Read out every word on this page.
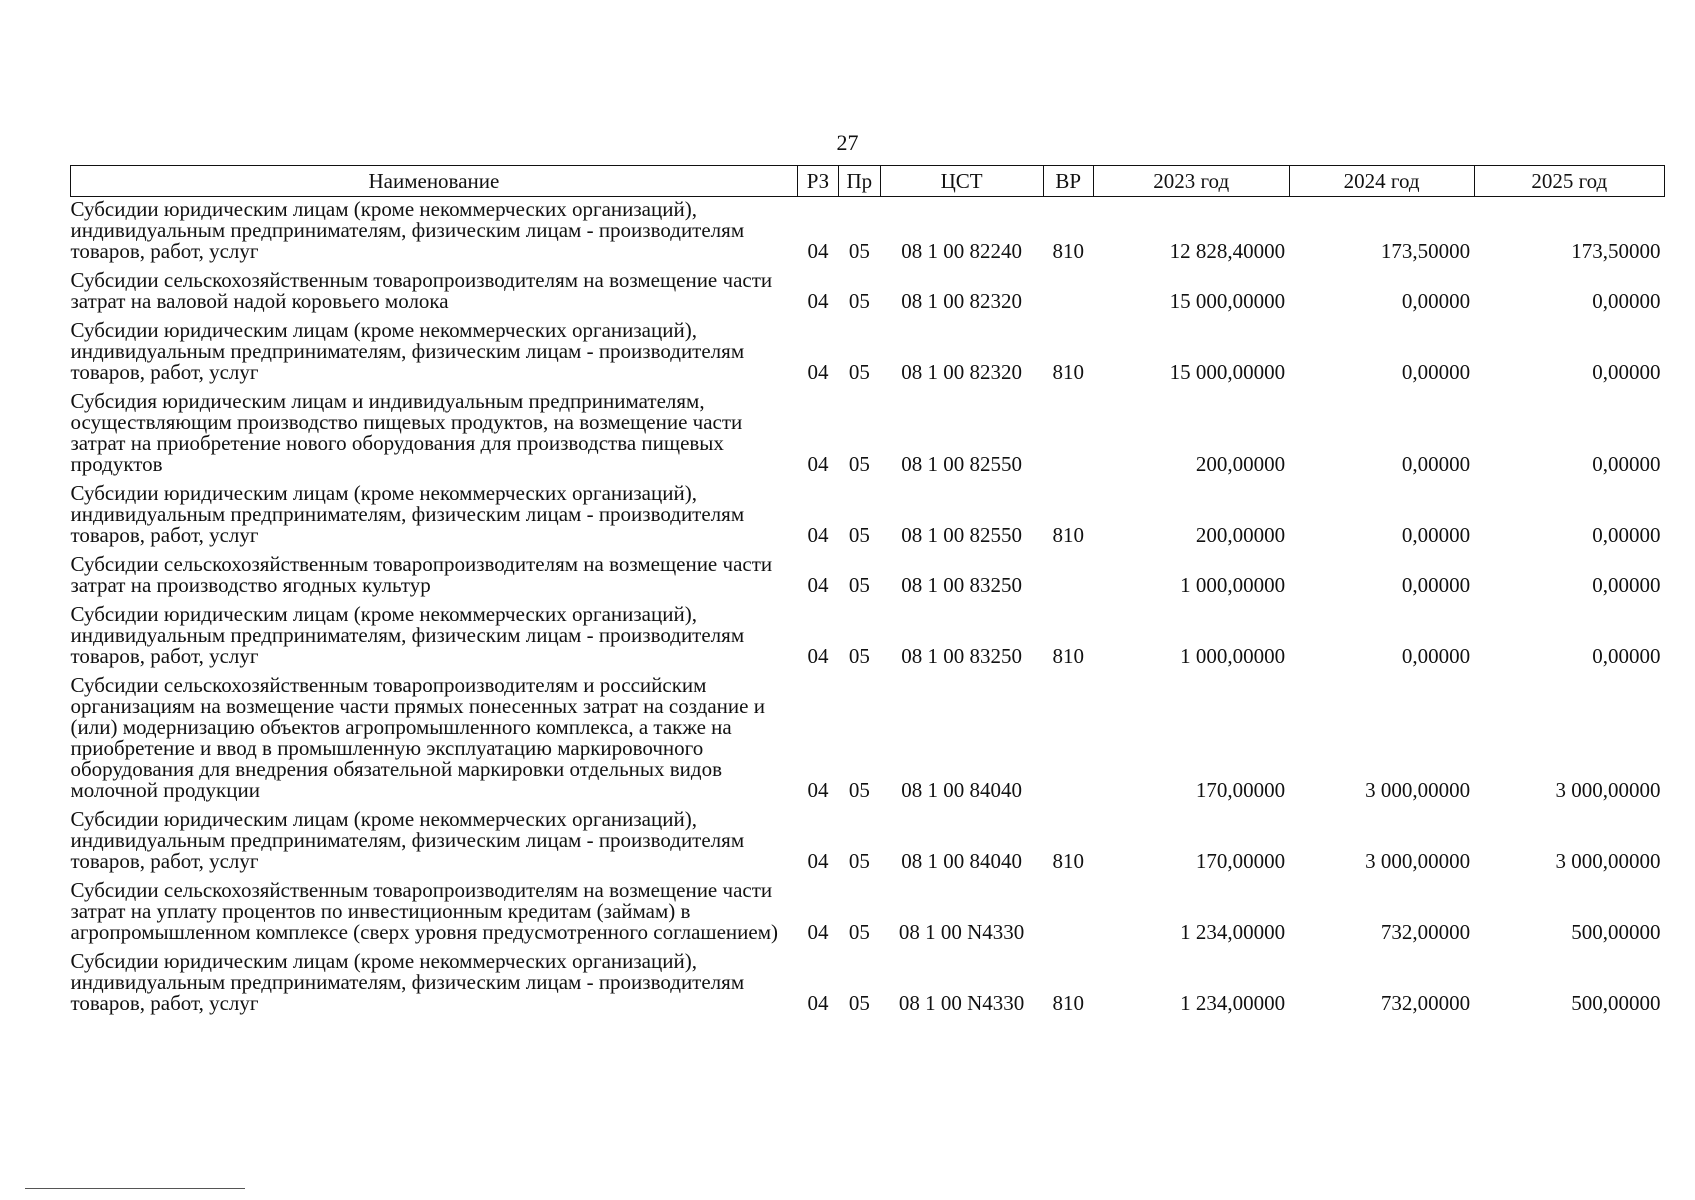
27
Наименование	РЗ	Пр	ЦСТ	ВР	2023 год	2024 год	2025 год
Субсидии юридическим лицам (кроме некоммерческих организаций), индивидуальным предпринимателям, физическим лицам - производителям товаров, работ, услуг	04	05	08 1 00 82240	810	12 828,40000	173,50000	173,50000
Субсидии сельскохозяйственным товаропроизводителям на возмещение части затрат на валовой надой коровьего молока	04	05	08 1 00 82320		15 000,00000	0,00000	0,00000
Субсидии юридическим лицам (кроме некоммерческих организаций), индивидуальным предпринимателям, физическим лицам - производителям товаров, работ, услуг	04	05	08 1 00 82320	810	15 000,00000	0,00000	0,00000
Субсидия юридическим лицам и индивидуальным предпринимателям, осуществляющим производство пищевых продуктов, на возмещение части затрат на приобретение нового оборудования для производства пищевых продуктов	04	05	08 1 00 82550		200,00000	0,00000	0,00000
Субсидии юридическим лицам (кроме некоммерческих организаций), индивидуальным предпринимателям, физическим лицам - производителям товаров, работ, услуг	04	05	08 1 00 82550	810	200,00000	0,00000	0,00000
Субсидии сельскохозяйственным товаропроизводителям на возмещение части затрат на производство ягодных культур	04	05	08 1 00 83250		1 000,00000	0,00000	0,00000
Субсидии юридическим лицам (кроме некоммерческих организаций), индивидуальным предпринимателям, физическим лицам - производителям товаров, работ, услуг	04	05	08 1 00 83250	810	1 000,00000	0,00000	0,00000
Субсидии сельскохозяйственным товаропроизводителям и российским организациям на возмещение части прямых понесенных затрат на создание и (или) модернизацию объектов агропромышленного комплекса, а также на приобретение и ввод в промышленную эксплуатацию маркировочного оборудования для внедрения обязательной маркировки отдельных видов молочной продукции	04	05	08 1 00 84040		170,00000	3 000,00000	3 000,00000
Субсидии юридическим лицам (кроме некоммерческих организаций), индивидуальным предпринимателям, физическим лицам - производителям товаров, работ, услуг	04	05	08 1 00 84040	810	170,00000	3 000,00000	3 000,00000
Субсидии сельскохозяйственным товаропроизводителям на возмещение части затрат на уплату процентов по инвестиционным кредитам (займам) в агропромышленном комплексе (сверх уровня предусмотренного соглашением)	04	05	08 1 00 N4330		1 234,00000	732,00000	500,00000
Субсидии юридическим лицам (кроме некоммерческих организаций), индивидуальным предпринимателям, физическим лицам - производителям товаров, работ, услуг	04	05	08 1 00 N4330	810	1 234,00000	732,00000	500,00000
